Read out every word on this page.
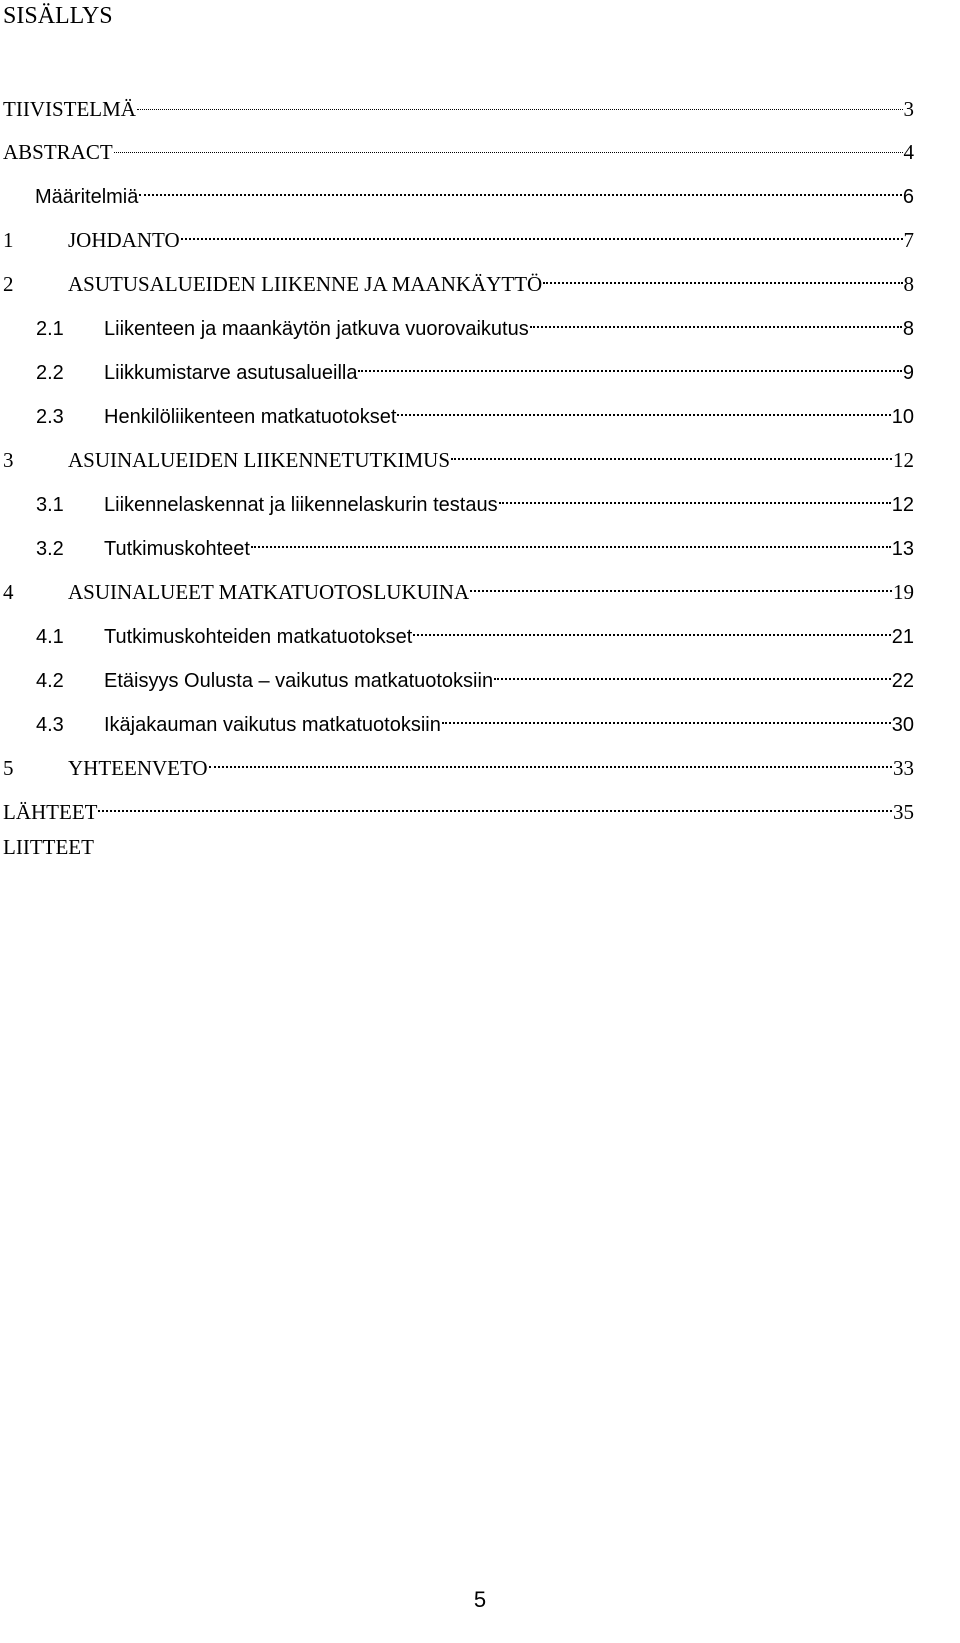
SISÄLLYS
TIIVISTELMÄ	3
ABSTRACT	4
Määritelmiä	6
1	JOHDANTO	7
2	ASUTUSALUEIDEN LIIKENNE JA MAANKÄYTTÖ	8
2.1	Liikenteen ja maankäytön jatkuva vuorovaikutus	8
2.2	Liikkumistarve asutusalueilla	9
2.3	Henkilöliikenteen matkatuotokset	10
3	ASUINALUEIDEN LIIKENNETUTKIMUS	12
3.1	Liikennelaskennat ja liikennelaskurin testaus	12
3.2	Tutkimuskohteet	13
4	ASUINALUEET MATKATUOTOSLUKUINA	19
4.1	Tutkimuskohteiden matkatuotokset	21
4.2	Etäisyys Oulusta – vaikutus matkatuotoksiin	22
4.3	Ikäjakauman vaikutus matkatuotoksiin	30
5	YHTEENVETO	33
LÄHTEET	35
LIITTEET
5
